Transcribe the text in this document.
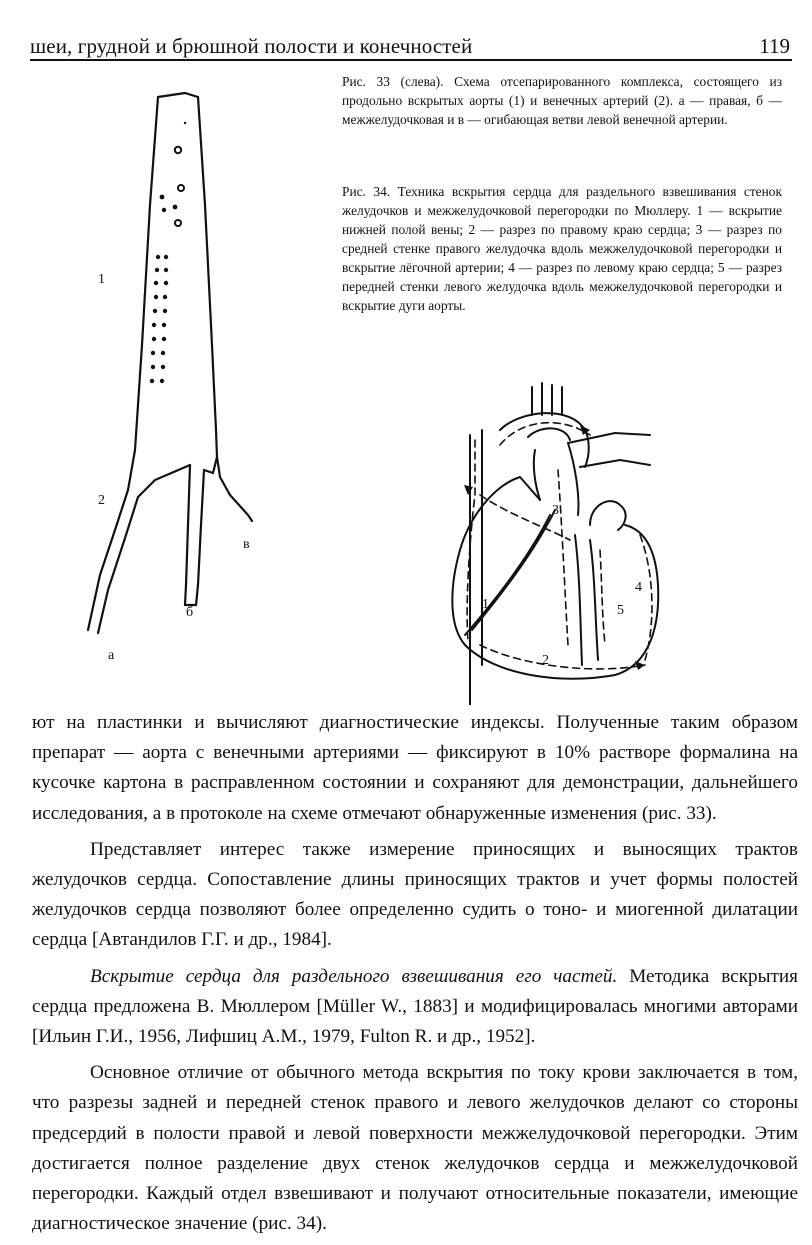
шеи, грудной и брюшной полости и конечностей	119
1
2
а
б
в
Рис. 33 (слева). Схема отсепарированного комплекса, состоящего из продольно вскрытых аорты (1) и венечных артерий (2). а — правая, б — межжелудочковая и в — огибающая ветви левой венечной артерии.
Рис. 34. Техника вскрытия сердца для раздельного взвешивания стенок желудочков и межжелудочковой перегородки по Мюллеру. 1 — вскрытие нижней полой вены; 2 — разрез по правому краю сердца; 3 — разрез по средней стенке правого желудочка вдоль межжелудочковой перегородки и вскрытие лёгочной артерии; 4 — разрез по левому краю сердца; 5 — разрез передней стенки левого желудочка вдоль межжелудочковой перегородки и вскрытие дуги аорты.
1
2
3
4
5

ют на пластинки и вычисляют диагностические индексы. Полученные таким образом препарат — аорта с венечными артериями — фиксируют в 10% растворе формалина на кусочке картона в расправленном состоянии и сохраняют для демонстрации, дальнейшего исследования, а в протоколе на схеме отмечают обнаруженные изменения (рис. 33).

Представляет интерес также измерение приносящих и выносящих трактов желудочков сердца. Сопоставление длины приносящих трактов и учет формы полостей желудочков сердца позволяют более определенно судить о тоно- и миогенной дилатации сердца [Автандилов Г.Г. и др., 1984].

Вскрытие сердца для раздельного взвешивания его частей. Методика вскрытия сердца предложена В. Мюллером [Müller W., 1883] и модифицировалась многими авторами [Ильин Г.И., 1956, Лифшиц А.М., 1979, Fulton R. и др., 1952].

Основное отличие от обычного метода вскрытия по току крови заключается в том, что разрезы задней и передней стенок правого и левого желудочков делают со стороны предсердий в полости правой и левой поверхности межжелудочковой перегородки. Этим достигается полное разделение двух стенок желудочков сердца и межжелудочковой перегородки. Каждый отдел взвешивают и получают относительные показатели, имеющие диагностическое значение (рис. 34).
